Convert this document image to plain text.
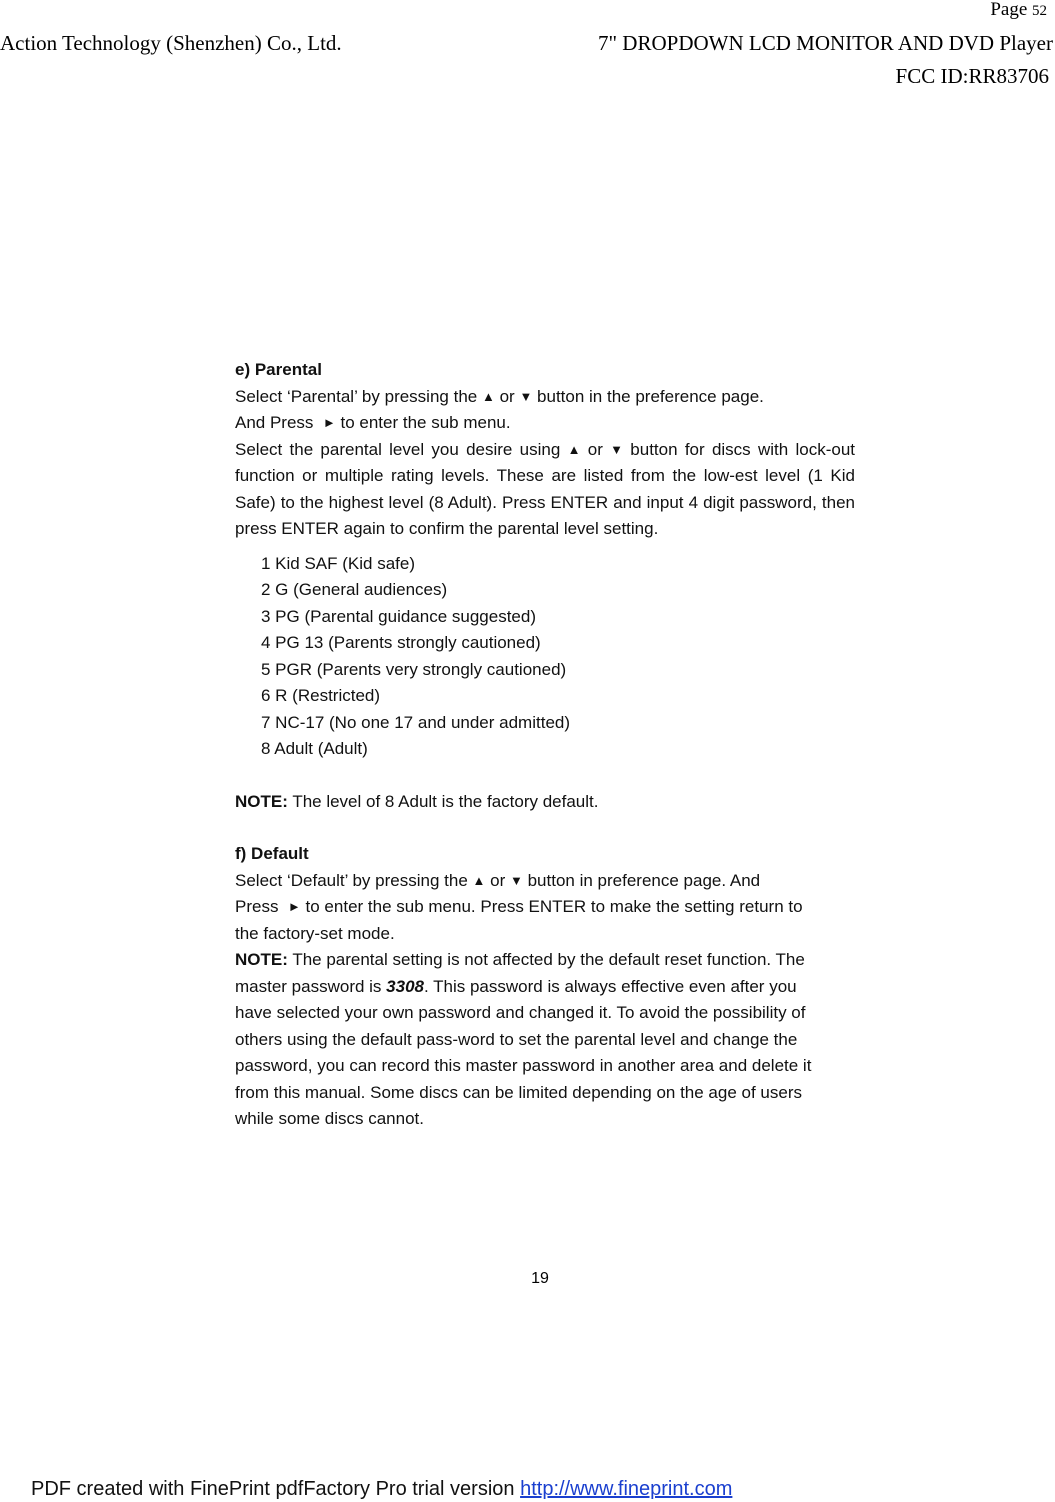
Page 52
Action Technology (Shenzhen) Co., Ltd.	7" DROPDOWN LCD MONITOR AND DVD Player
FCC ID:RR83706

e) Parental

Select ‘Parental’ by pressing the ▲ or ▼ button in the preference page.

And Press ► to enter the sub menu.

Select the parental level you desire using ▲ or ▼ button for discs with lock-out function or multiple rating levels. These are listed from the low-est level (1 Kid Safe) to the highest level (8 Adult). Press ENTER and input 4 digit password, then press ENTER again to confirm the parental level setting.

1 Kid SAF (Kid safe)
2 G (General audiences)
3 PG (Parental guidance suggested)
4 PG 13 (Parents strongly cautioned)
5 PGR (Parents very strongly cautioned)
6 R (Restricted)
7 NC-17 (No one 17 and under admitted)
8 Adult (Adult)

NOTE: The level of 8 Adult is the factory default.

f) Default

Select ‘Default’ by pressing the ▲ or ▼ button in preference page. And

Press ► to enter the sub menu. Press ENTER to make the setting return to the factory-set mode.

NOTE: The parental setting is not affected by the default reset function. The master password is 3308. This password is always effective even after you have selected your own password and changed it. To avoid the possibility of others using the default pass-word to set the parental level and change the password, you can record this master password in another area and delete it from this manual. Some discs can be limited depending on the age of users while some discs cannot.

19
PDF created with FinePrint pdfFactory Pro trial version http://www.fineprint.com
